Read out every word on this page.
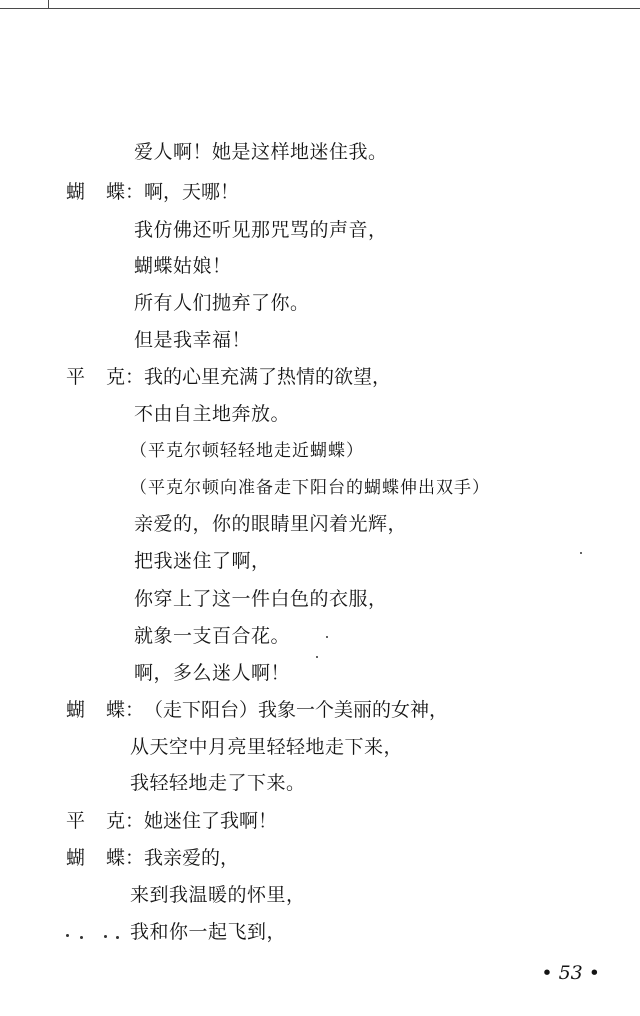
爱人啊！她是这样地迷住我。
蝴 蝶：啊，天哪！
我仿佛还听见那咒骂的声音，
蝴蝶姑娘！
所有人们抛弃了你。
但是我幸福！
平 克：我的心里充满了热情的欲望，
不由自主地奔放。
（平克尔顿轻轻地走近蝴蝶）
（平克尔顿向准备走下阳台的蝴蝶伸出双手）
亲爱的，你的眼睛里闪着光辉，
把我迷住了啊，
你穿上了这一件白色的衣服，
就象一支百合花。
啊，多么迷人啊！
蝴 蝶：（走下阳台）我象一个美丽的女神，
从天空中月亮里轻轻地走下来，
我轻轻地走了下来。
平 克：她迷住了我啊！
蝴 蝶：我亲爱的，
来到我温暖的怀里，
我和你一起飞到，
• 53 •
